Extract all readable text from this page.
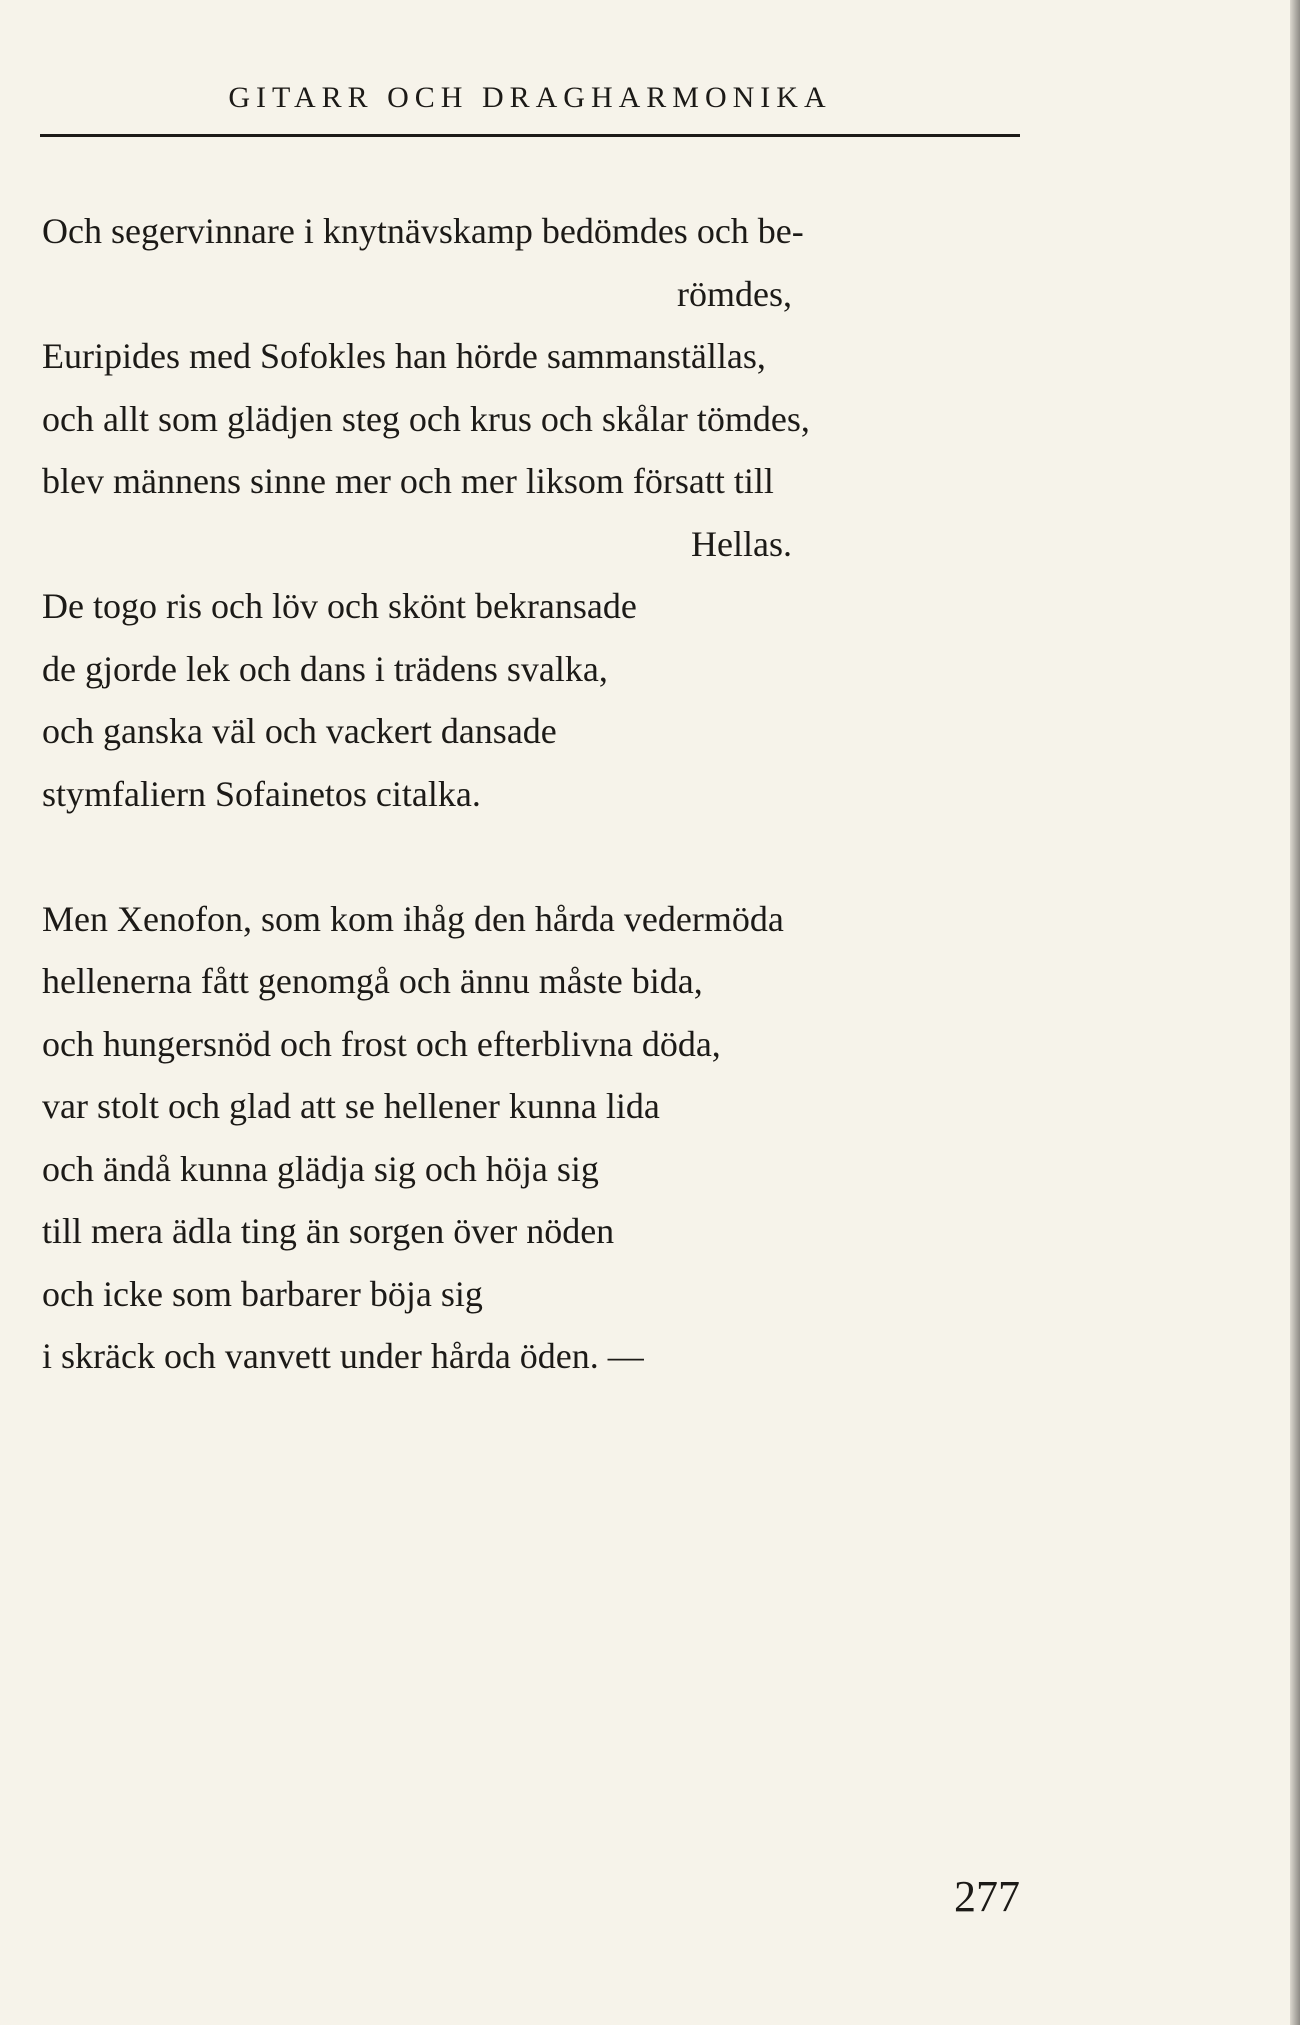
GITARR OCH DRAGHARMONIKA
Och segervinnare i knytnävskamp bedömdes och be-
römdes,
Euripides med Sofokles han hörde sammanställas,
och allt som glädjen steg och krus och skålar tömdes,
blev männens sinne mer och mer liksom försatt till
Hellas.
De togo ris och löv och skönt bekransade
de gjorde lek och dans i trädens svalka,
och ganska väl och vackert dansade
stymfaliern Sofainetos citalka.
Men Xenofon, som kom ihåg den hårda vedermöda
hellenerna fått genomgå och ännu måste bida,
och hungersnöd och frost och efterblivna döda,
var stolt och glad att se hellener kunna lida
och ändå kunna glädja sig och höja sig
till mera ädla ting än sorgen över nöden
och icke som barbarer böja sig
i skräck och vanvett under hårda öden. —
277
